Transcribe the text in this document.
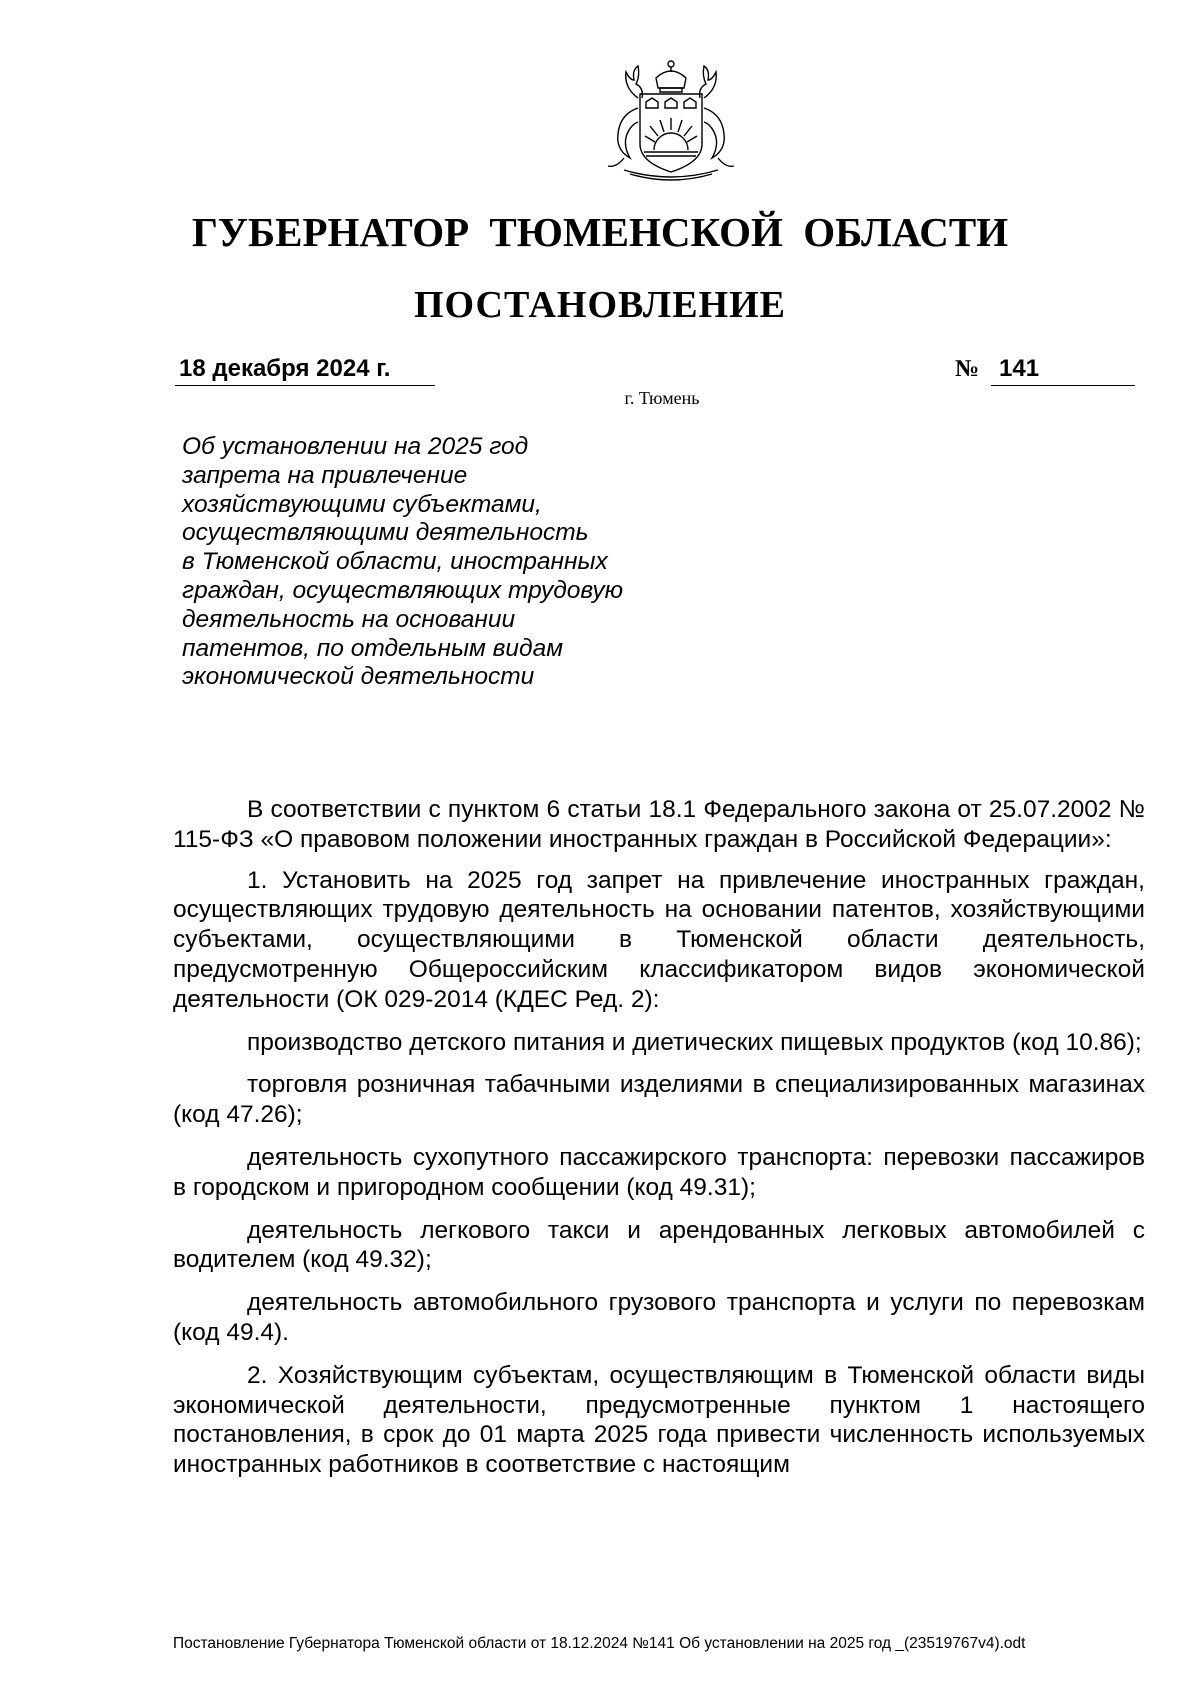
ГУБЕРНАТОР ТЮМЕНСКОЙ ОБЛАСТИ
ПОСТАНОВЛЕНИЕ
18 декабря 2024 г.	№ 141
г. Тюмень
Об установлении на 2025 год
запрета на привлечение
хозяйствующими субъектами,
осуществляющими деятельность
в Тюменской области, иностранных
граждан, осуществляющих трудовую
деятельность на основании
патентов, по отдельным видам
экономической деятельности

В соответствии с пунктом 6 статьи 18.1 Федерального закона от 25.07.2002 № 115-ФЗ «О правовом положении иностранных граждан в Российской Федерации»:

1. Установить на 2025 год запрет на привлечение иностранных граждан, осуществляющих трудовую деятельность на основании патентов, хозяйствующими субъектами, осуществляющими в Тюменской области деятельность, предусмотренную Общероссийским классификатором видов экономической деятельности (ОК 029-2014 (КДЕС Ред. 2):

производство детского питания и диетических пищевых продуктов (код 10.86);

торговля розничная табачными изделиями в специализированных магазинах (код 47.26);

деятельность сухопутного пассажирского транспорта: перевозки пассажиров в городском и пригородном сообщении (код 49.31);

деятельность легкового такси и арендованных легковых автомобилей с водителем (код 49.32);

деятельность автомобильного грузового транспорта и услуги по перевозкам (код 49.4).

2. Хозяйствующим субъектам, осуществляющим в Тюменской области виды экономической деятельности, предусмотренные пунктом 1 настоящего постановления, в срок до 01 марта 2025 года привести численность используемых иностранных работников в соответствие с настоящим

Постановление Губернатора Тюменской области от 18.12.2024 №141 Об установлении на 2025 год _(23519767v4).odt
